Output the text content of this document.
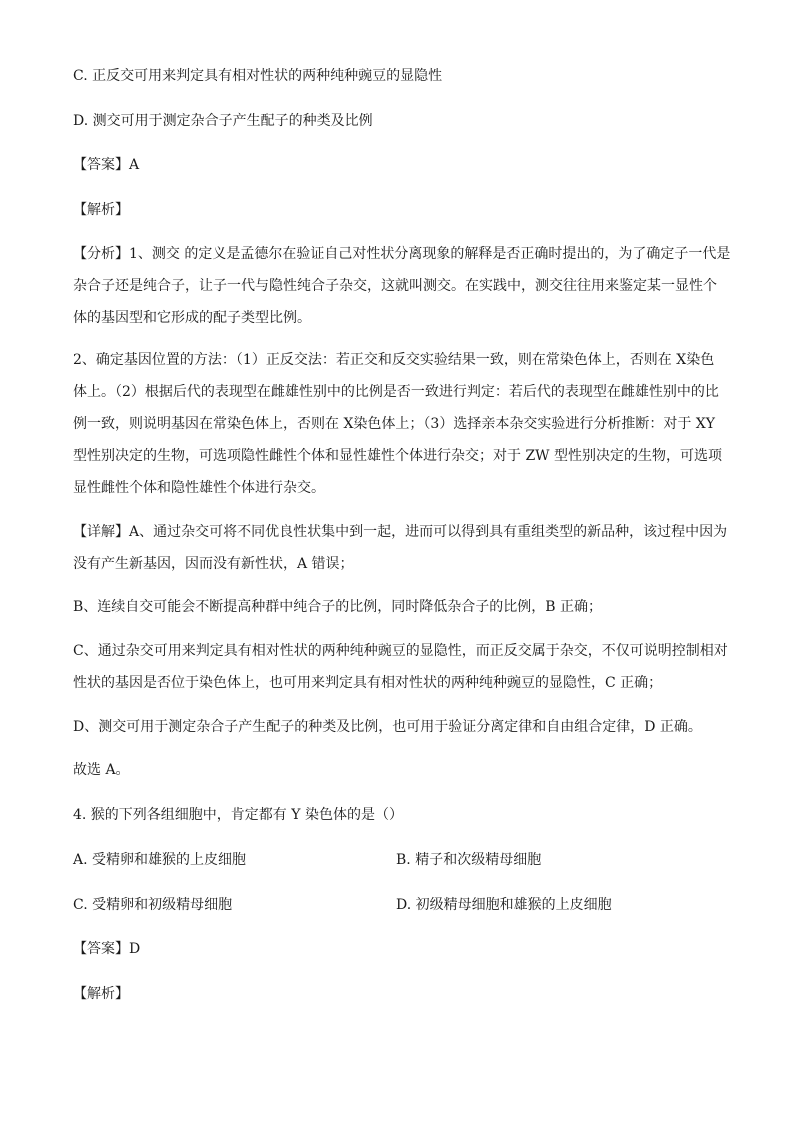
C. 正反交可用来判定具有相对性状的两种纯种豌豆的显隐性
D. 测交可用于测定杂合子产生配子的种类及比例
【答案】A
【解析】
【分析】1、测交 的定义是孟德尔在验证自己对性状分离现象的解释是否正确时提出的，为了确定子一代是
杂合子还是纯合子，让子一代与隐性纯合子杂交，这就叫测交。在实践中，测交往往用来鉴定某一显性个
体的基因型和它形成的配子类型比例。
2、确定基因位置的方法：（1）正反交法：若正交和反交实验结果一致，则在常染色体上，否则在 X染色
体上。（2）根据后代的表现型在雌雄性别中的比例是否一致进行判定：若后代的表现型在雌雄性别中的比
例一致，则说明基因在常染色体上，否则在 X染色体上；（3）选择亲本杂交实验进行分析推断：对于 XY
型性别决定的生物，可选项隐性雌性个体和显性雄性个体进行杂交；对于 ZW 型性别决定的生物，可选项
显性雌性个体和隐性雄性个体进行杂交。
【详解】A、通过杂交可将不同优良性状集中到一起，进而可以得到具有重组类型的新品种，该过程中因为
没有产生新基因，因而没有新性状，A 错误；
B、连续自交可能会不断提高种群中纯合子的比例，同时降低杂合子的比例，B 正确；
C、通过杂交可用来判定具有相对性状的两种纯种豌豆的显隐性，而正反交属于杂交，不仅可说明控制相对
性状的基因是否位于染色体上，也可用来判定具有相对性状的两种纯种豌豆的显隐性，C 正确；
D、测交可用于测定杂合子产生配子的种类及比例，也可用于验证分离定律和自由组合定律，D 正确。
故选 A。
4. 猴的下列各组细胞中，肯定都有 Y 染色体的是（）
A. 受精卵和雄猴的上皮细胞	B. 精子和次级精母细胞
C. 受精卵和初级精母细胞	D. 初级精母细胞和雄猴的上皮细胞
【答案】D
【解析】
